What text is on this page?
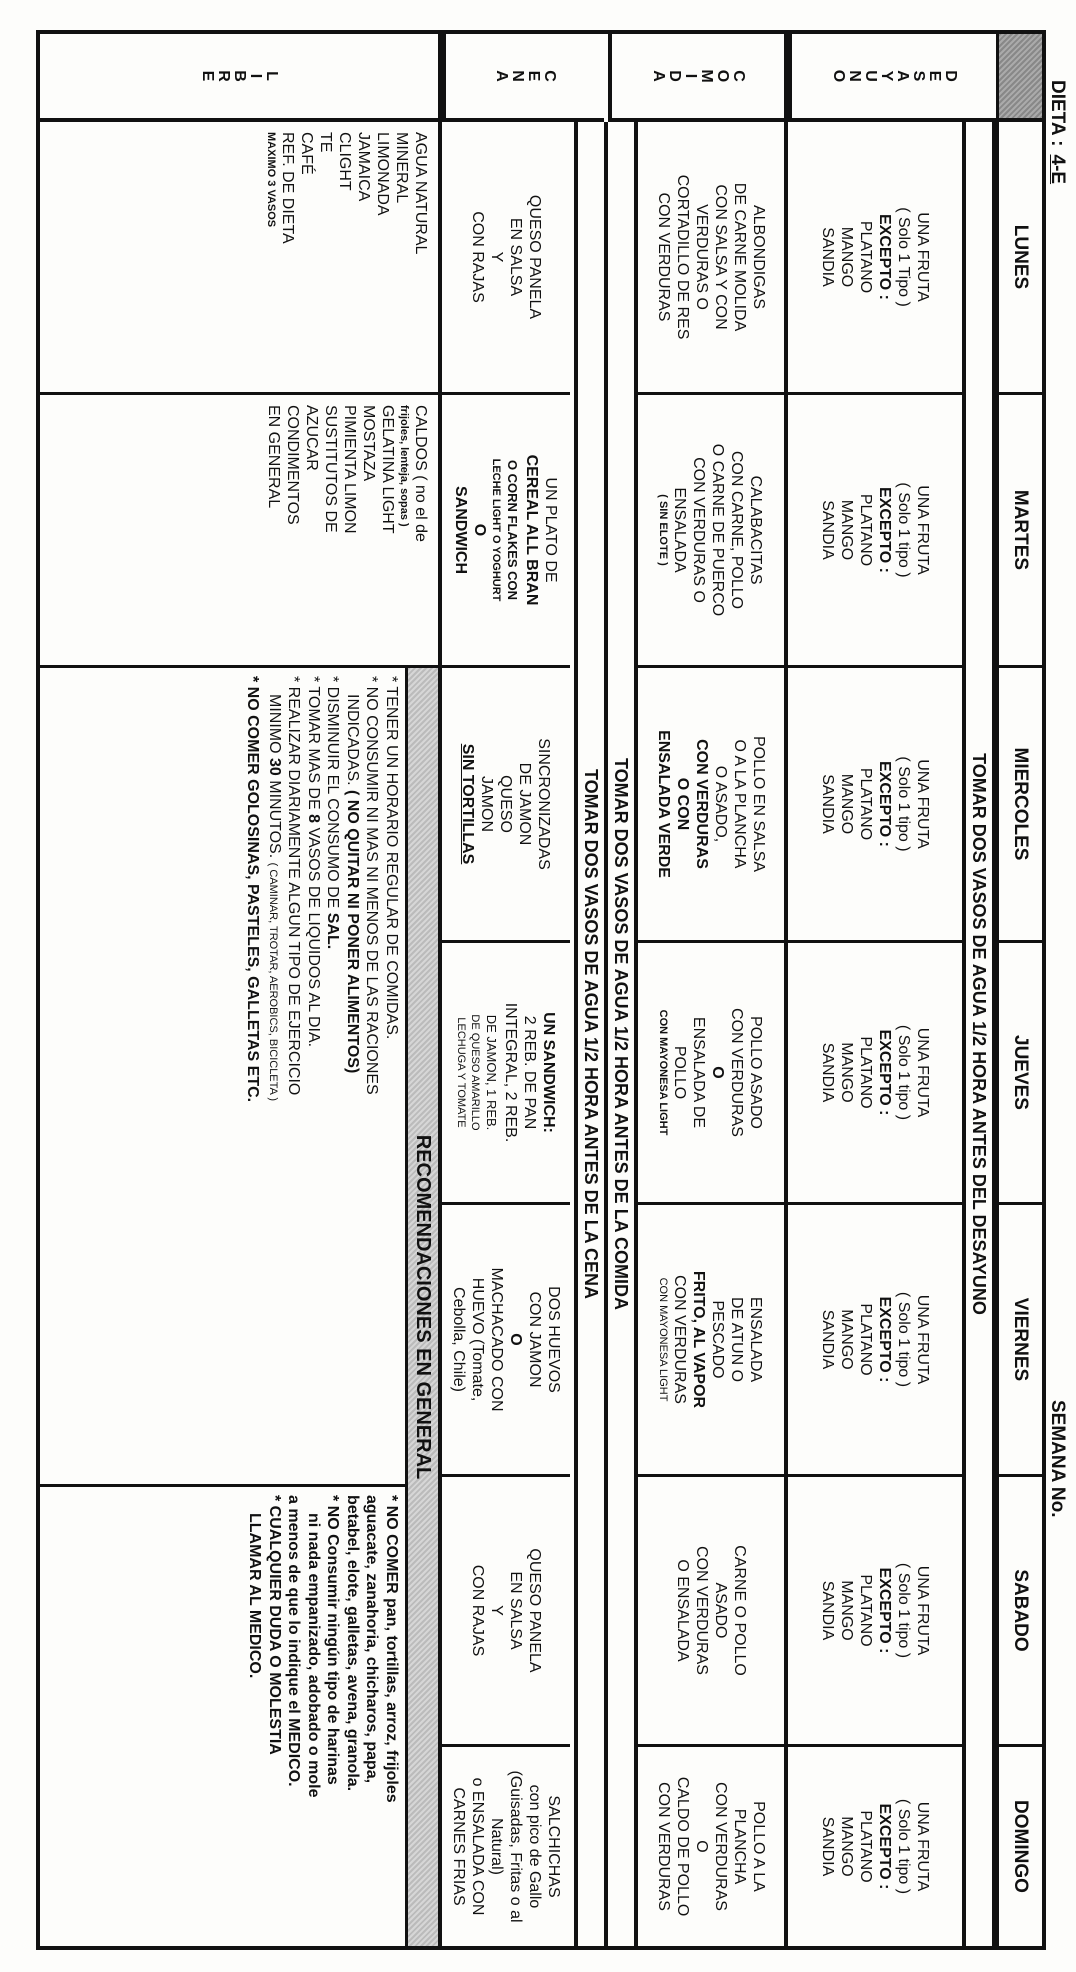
DIETA :4-E
SEMANA No.
LUNES
MARTES
MIERCOLES
JUEVES
VIERNES
SABADO
DOMINGO
TOMAR DOS VASOS DE AGUA 1/2 HORA ANTES DEL DESAYUNO
D
E
S
A
Y
U
N
O
UNA FRUTA
( Solo 1 Tipo )
EXCEPTO :
PLATANO
MANGO
SANDIA
UNA FRUTA
( Solo 1 tipo )
EXCEPTO :
PLATANO
MANGO
SANDIA
UNA FRUTA
( Solo 1 tipo )
EXCEPTO :
PLATANO
MANGO
SANDIA
UNA FRUTA
( Solo 1 tipo )
EXCEPTO :
PLATANO
MANGO
SANDIA
UNA FRUTA
( Solo 1 tipo )
EXCEPTO :
PLATANO
MANGO
SANDIA
UNA FRUTA
( Solo 1 tipo )
EXCEPTO :
PLATANO
MANGO
SANDIA
UNA FRUTA
( Solo 1 tipo )
EXCEPTO :
PLATANO
MANGO
SANDIA
C
O
M
I
D
A
ALBONDIGAS
DE CARNE MOLIDA
CON SALSA Y CON
VERDURAS O
CORTADILLO DE RES
CON VERDURAS
CALABACITAS
CON CARNE, POLLO
O CARNE DE PUERCO
CON VERDURAS O
ENSALADA
( SIN ELOTE )
POLLO EN SALSA
O A LA PLANCHA
O ASADO,
CON VERDURAS
O CON
ENSALADA VERDE
POLLO ASADO
CON VERDURAS
O
ENSALADA DE
POLLO
CON MAYONESA LIGHT
ENSALADA
DE ATUN O
PESCADO
FRITO, AL VAPOR
CON VERDURAS
CON MAYONESA LIGHT
CARNE O POLLO
ASADO
CON VERDURAS
O ENSALADA
POLLO A LA
PLANCHA
CON VERDURAS
O
CALDO DE POLLO
CON VERDURAS
TOMAR DOS VASOS DE AGUA 1/2 HORA ANTES DE LA COMIDA
C
E
N
A
TOMAR DOS VASOS DE AGUA 1/2 HORA ANTES DE LA CENA
QUESO PANELA
EN SALSA
Y
CON RAJAS
UN PLATO DE
CEREAL ALL BRAN
O CORN FLAKES CON
LECHE LIGHT O YOGHURT
O
SANDWICH
SINCRONIZADAS
DE JAMON
QUESO
JAMON
SIN TORTILLAS
UN SANDWICH:
2 REB. DE PAN
INTEGRAL, 2 REB.
DE JAMON, 1 REB.
DE QUESO AMARILLO
LECHUGA Y TOMATE
DOS HUEVOS
CON JAMON
O
MACHACADO CON
HUEVO (Tomate,
Cebolla, Chile)
QUESO PANELA
EN SALSA
Y
CON RAJAS
SALCHICHAS
con pico de Gallo
(Guisadas, Fritas o al
Natural)
o ENSALADA CON
CARNES FRIAS
L
I
B
R
E
AGUA NATURAL
MINERAL
LIMONADA
JAMAICA
CLIGHT
TE
CAFÉ
REF. DE DIETA
MAXIMO 3 VASOS
CALDOS ( no el de
frijoles, lenteja, sopas )
GELATINA LIGHT
MOSTAZA
PIMIENTA LIMON
SUSTITUTOS DE
AZUCAR
CONDIMENTOS
EN GENERAL
RECOMENDACIONES EN GENERAL
* TENER UN HORARIO REGULAR DE COMIDAS.
* NO CONSUMIR NI MAS NI MENOS DE LAS RACIONES
INDICADAS. ( NO QUITAR NI PONER ALIMENTOS)
* DISMINUIR EL CONSUMO DE SAL.
* TOMAR MAS DE 8 VASOS DE LIQUIDOS AL DIA.
* REALIZAR DIARIAMENTE ALGUN TIPO DE EJERCICIO
MINIMO 30 MINUTOS. ( CAMINAR, TROTAR, AEROBICS, BICICLETA )
* NO COMER GOLOSINAS, PASTELES, GALLETAS ETC.
* NO COMER pan, tortillas, arroz, frijoles
aguacate, zanahoria, chicharos, papa,
betabel, elote, galletas, avena, granola.
* NO Consumir ningún tipo de harinas
ni nada empanizado, adobado o mole
a menos de que lo indique el MEDICO.
* CUALQUIER DUDA O MOLESTIA
LLAMAR AL MEDICO.
